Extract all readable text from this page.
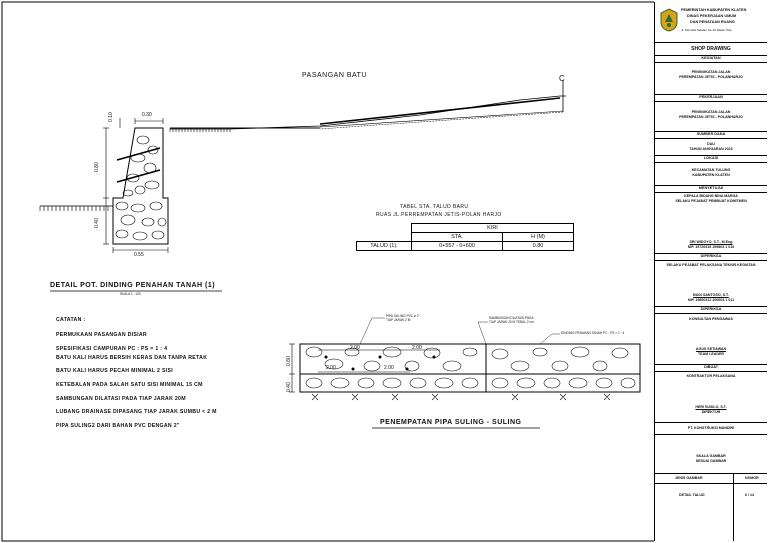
PASANGAN BATU	C
0.30
0.10
0.80
0.40
0.55
DETAIL POT. DINDING PENAHAN TANAH (1)
SKALA 1 : 100
TABEL STA. TALUD BARU
RUAS JL.PERREMPATAN JETIS-POLAN HARJO
	KIRI	
	STA.	H (M)
TALUD (1).	0+557 - 0+600	0.80
CATATAN :
PERMUKAAN PASANGAN DISIAR
SPESIFIKASI CAMPURAN PC : PS = 1 : 4
BATU KALI HARUS BERSIH KERAS DAN TANPA RETAK
BATU KALI HARUS PECAH MINIMAL 2 SISI
KETEBALAN PADA SALAH SATU SISI MINIMAL 15 CM
SAMBUNGAN DILATASI PADA TIAP JARAK 20M
LUBANG DRAINASE DIPASANG TIAP JARAK SUMBU < 2 M
PIPA SULING2 DARI BAHAN PVC DENGAN 2"
PIPA SULING PVC ø 2" TIAP JARAK 2 M	SAMBUNGAN DILATASI PADA TIAP JARAK 20 M TEBAL 2 cm
DINDING PENAHAN TANAH PC : PS = 1 : 4
2.00	2.00
2.00	2.00
0.80
0.40
PENEMPATAN PIPA SULING - SULING
PEMERINTAH KABUPATEN KLATEN
DINAS PEKERJAAN UMUM
DAN PENATAAN RUANG
Jl. Pemuda Selatan No.19 Klaten Telp.
SHOP DRAWING
KEGIATAN
PENINGKATAN JALAN
PEREMPATAN JETIS - POLANHARJO
PEKERJAAN
PENINGKATAN JALAN
PEREMPATAN JETIS - POLANHARJO
SUMBER DANA
DAU
TAHUN ANGGARAN 2023
LOKASI
KECAMATAN TULUNG
KABUPATEN KLATEN
MENYETUJUI
KEPALA BIDANG BINA MARGA
SELAKU PEJABAT PEMBUAT KOMITMEN
SRI WIDOYO, S.T., M.Eng
NIP. 19720415 199803 1 010
DIPERIKSA
SELAKU PEJABAT PELAKSANA TEKNIS KEGIATAN
BUDI SANTOSO, S.T.
NIP. 19800312 200604 1 011
DIPERIKSA
KONSULTAN PENGAWAS
AGUS SETIAWAN
TEAM LEADER
DIBUAT
KONTRAKTOR PELAKSANA
HERI SUSILO, S.T.
DIREKTUR
PT. KONSTRUKSI MANDIRI
SKALA GAMBAR
SESUAI GAMBAR
JENIS GAMBAR	NOMOR
DETAIL TALUD	6 / 14
